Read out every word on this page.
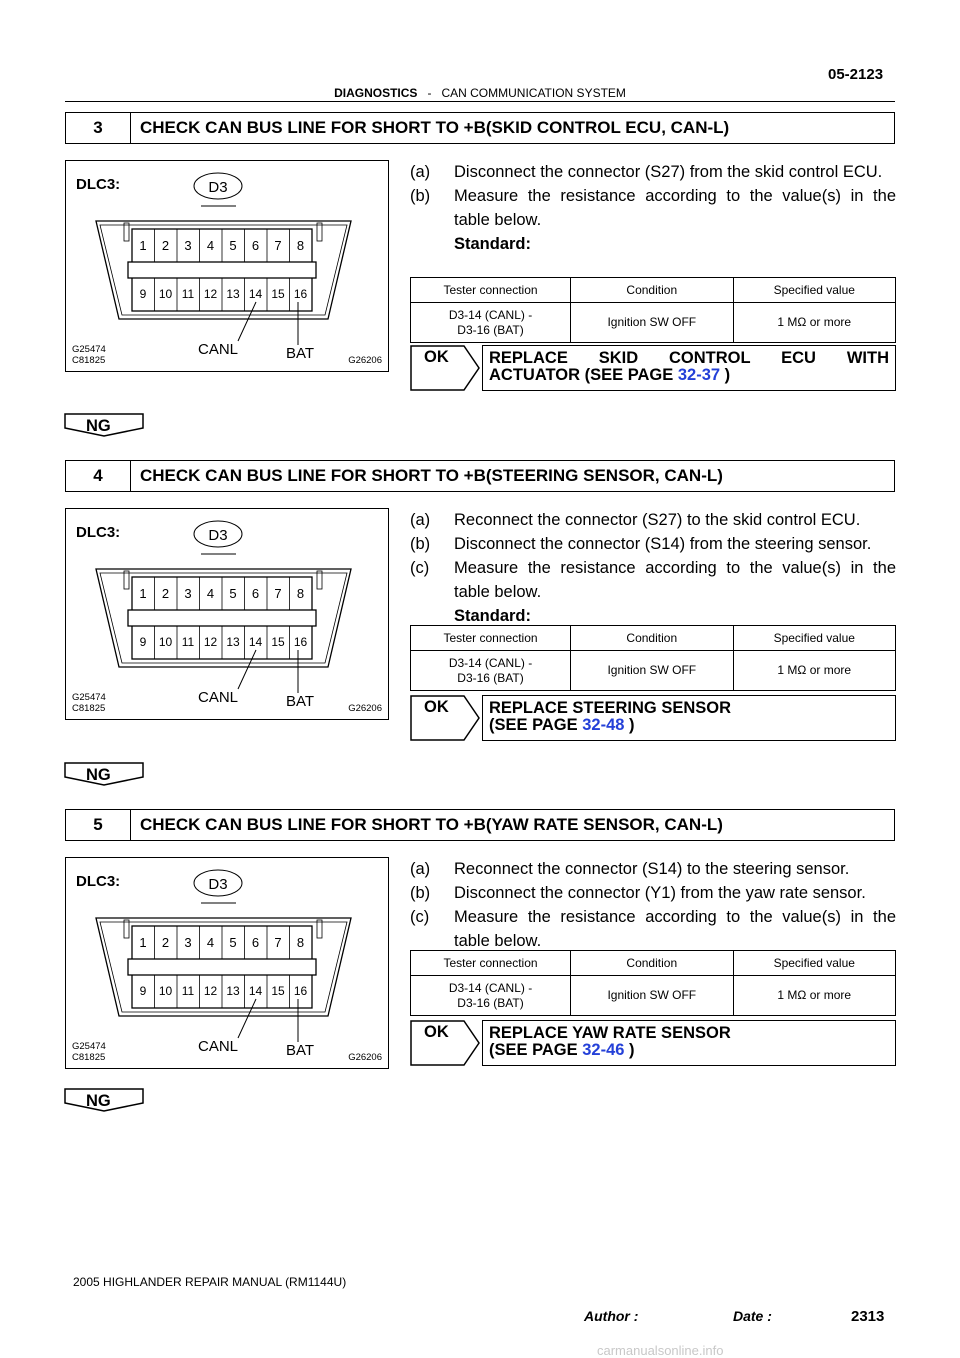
05-2123
DIAGNOSTICS - CAN COMMUNICATION SYSTEM
3	CHECK CAN BUS LINE FOR SHORT TO +B(SKID CONTROL ECU, CAN-L)
DLC3:	D3
1 2 3 4 5 6 7 8
9 10 11 12 13 14 15 16
CANL	BAT
G25474
C81825	G26206
(a) Disconnect the connector (S27) from the skid control ECU.
(b) Measure the resistance according to the value(s) in the table below.
Standard:
Tester connection	Condition	Specified value
D3-14 (CANL) -
D3-16 (BAT)	Ignition SW OFF	1 MΩ or more
OK REPLACE SKID CONTROL ECU WITH
ACTUATOR (SEE PAGE 32-37 )
NG
4	CHECK CAN BUS LINE FOR SHORT TO +B(STEERING SENSOR, CAN-L)
DLC3:	D3
1 2 3 4 5 6 7 8
9 10 11 12 13 14 15 16
CANL	BAT
G25474
C81825	G26206
(a) Reconnect the connector (S27) to the skid control ECU.
(b) Disconnect the connector (S14) from the steering sensor.
(c) Measure the resistance according to the value(s) in the table below.
Standard:
Tester connection	Condition	Specified value
D3-14 (CANL) -
D3-16 (BAT)	Ignition SW OFF	1 MΩ or more
OK REPLACE STEERING SENSOR
(SEE PAGE 32-48 )
NG
5	CHECK CAN BUS LINE FOR SHORT TO +B(YAW RATE SENSOR, CAN-L)
DLC3:	D3
1 2 3 4 5 6 7 8
9 10 11 12 13 14 15 16
CANL	BAT
G25474
C81825	G26206
(a) Reconnect the connector (S14) to the steering sensor.
(b) Disconnect the connector (Y1) from the yaw rate sensor.
(c) Measure the resistance according to the value(s) in the table below.
Tester connection	Condition	Specified value
D3-14 (CANL) -
D3-16 (BAT)	Ignition SW OFF	1 MΩ or more
OK REPLACE YAW RATE SENSOR
(SEE PAGE 32-46 )
NG
2005 HIGHLANDER REPAIR MANUAL (RM1144U)
Author :	Date :	2313
carmanualsonline.info
